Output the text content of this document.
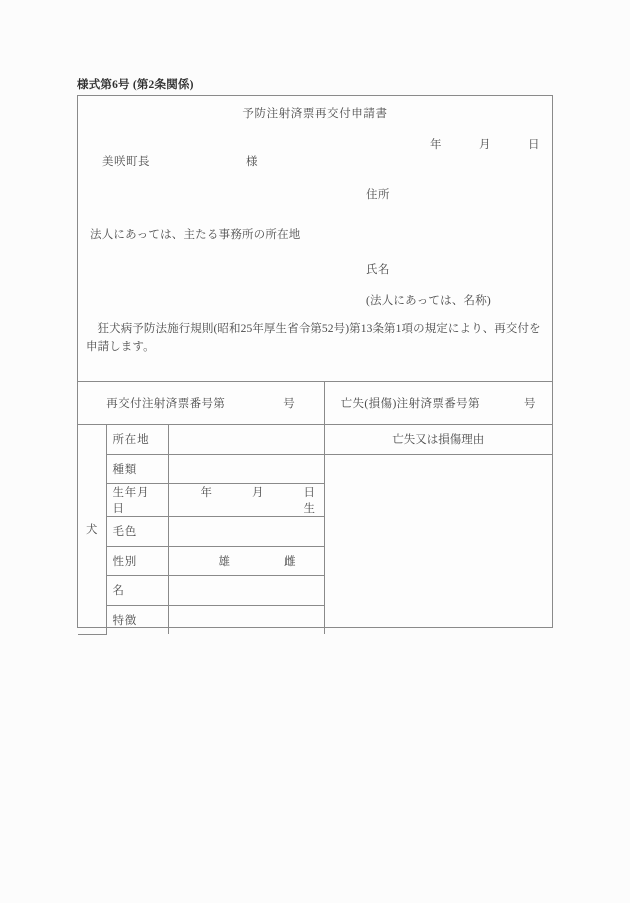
様式第6号 (第2条関係)
予防注射済票再交付申請書
年	月	日
美咲町長	様
住所
法人にあっては、主たる事務所の所在地
氏名
(法人にあっては、名称)
狂犬病予防法施行規則(昭和25年厚生省令第52号)第13条第1項の規定により、再交付を申請します。
再交付注射済票番号第 号			亡失(損傷)注射済票番号第 号

犬	所在地		亡失又は損傷理由
	種類		
	生年月日	年 月 日生	

	毛色		
	性別	雄 雌	

	名		
	特徴		
